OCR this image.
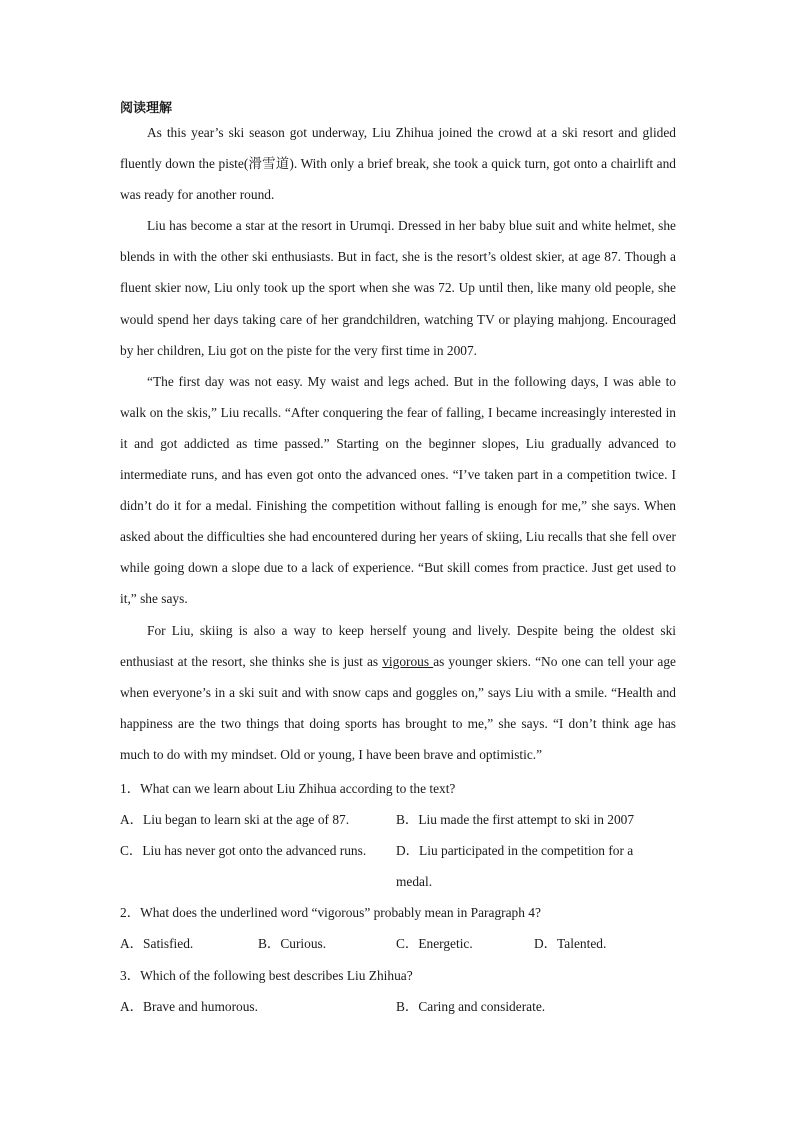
阅读理解

As this year’s ski season got underway, Liu Zhihua joined the crowd at a ski resort and glided fluently down the piste(滑雪道). With only a brief break, she took a quick turn, got onto a chairlift and was ready for another round.

Liu has become a star at the resort in Urumqi. Dressed in her baby blue suit and white helmet, she blends in with the other ski enthusiasts. But in fact, she is the resort’s oldest skier, at age 87. Though a fluent skier now, Liu only took up the sport when she was 72. Up until then, like many old people, she would spend her days taking care of her grandchildren, watching TV or playing mahjong. Encouraged by her children, Liu got on the piste for the very first time in 2007.

“The first day was not easy. My waist and legs ached. But in the following days, I was able to walk on the skis,” Liu recalls. “After conquering the fear of falling, I became increasingly interested in it and got addicted as time passed.” Starting on the beginner slopes, Liu gradually advanced to intermediate runs, and has even got onto the advanced ones. “I’ve taken part in a competition twice. I didn’t do it for a medal. Finishing the competition without falling is enough for me,” she says. When asked about the difficulties she had encountered during her years of skiing, Liu recalls that she fell over while going down a slope due to a lack of experience. “But skill comes from practice. Just get used to it,” she says.

For Liu, skiing is also a way to keep herself young and lively. Despite being the oldest ski enthusiast at the resort, she thinks she is just as vigorous as younger skiers. “No one can tell your age when everyone’s in a ski suit and with snow caps and goggles on,” says Liu with a smile. “Health and happiness are the two things that doing sports has brought to me,” she says. “I don’t think age has much to do with my mindset. Old or young, I have been brave and optimistic.”

1．What can we learn about Liu Zhihua according to the text?
A．Liu began to learn ski at the age of 87.	B．Liu made the first attempt to ski in 2007
C．Liu has never got onto the advanced runs.	D．Liu participated in the competition for a medal.
2．What does the underlined word “vigorous” probably mean in Paragraph 4?
A．Satisfied.	B．Curious.	C．Energetic.	D．Talented.
3．Which of the following best describes Liu Zhihua?
A．Brave and humorous.	B．Caring and considerate.
